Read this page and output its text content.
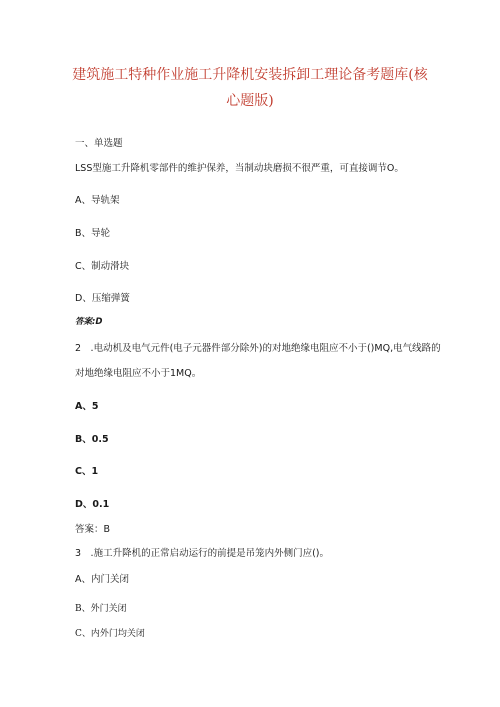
建筑施工特种作业施工升降机安装拆卸工理论备考题库(核心题版)
一、单选题
LSS型施工升降机零部件的维护保养，当制动块磨损不很严重，可直接调节O。
A、导轨架
B、导轮
C、制动滑块
D、压缩弹簧
答案:D
2　.电动机及电气元件(电子元器件部分除外)的对地绝缘电阻应不小于()MQ,电气线路的
对地绝缘电阻应不小于1MQ。
A、5
B、0.5
C、1
D、0.1
答案：B
3　.施工升降机的正常启动运行的前提是吊笼内外侧门应()。
A、内门关闭
B、外门关闭
C、内外门均关闭
